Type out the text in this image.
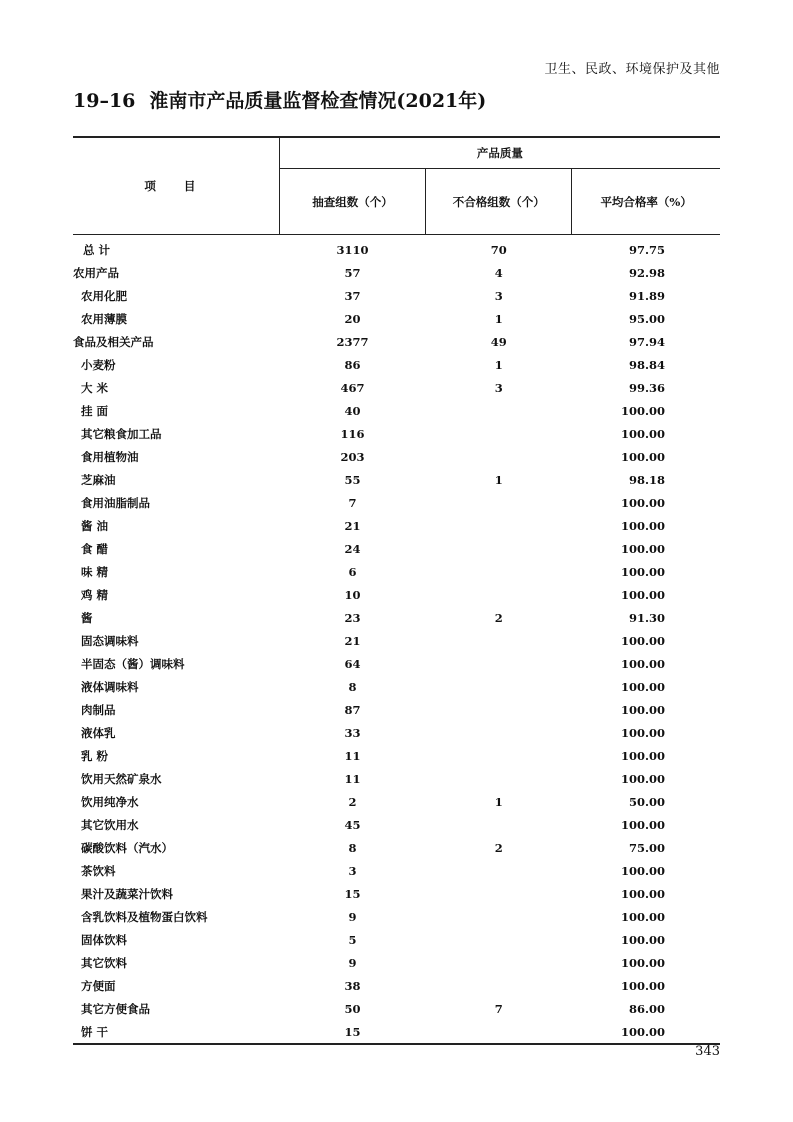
卫生、民政、环境保护及其他
19–16 淮南市产品质量监督检查情况(2021年)
项 目	产品质量		
	抽查组数（个）	不合格组数（个）	平均合格率（%）
总 计	3110	70	97.75
农用产品	57	4	92.98
农用化肥	37	3	91.89
农用薄膜	20	1	95.00
食品及相关产品	2377	49	97.94
小麦粉	86	1	98.84
大 米	467	3	99.36
挂 面	40		100.00
其它粮食加工品	116		100.00
食用植物油	203		100.00
芝麻油	55	1	98.18
食用油脂制品	7		100.00
酱 油	21		100.00
食 醋	24		100.00
味 精	6		100.00
鸡 精	10		100.00
酱	23	2	91.30
固态调味料	21		100.00
半固态（酱）调味料	64		100.00
液体调味料	8		100.00
肉制品	87		100.00
液体乳	33		100.00
乳 粉	11		100.00
饮用天然矿泉水	11		100.00
饮用纯净水	2	1	50.00
其它饮用水	45		100.00
碳酸饮料（汽水）	8	2	75.00
茶饮料	3		100.00
果汁及蔬菜汁饮料	15		100.00
含乳饮料及植物蛋白饮料	9		100.00
固体饮料	5		100.00
其它饮料	9		100.00
方便面	38		100.00
其它方便食品	50	7	86.00
饼 干	15		100.00
343
